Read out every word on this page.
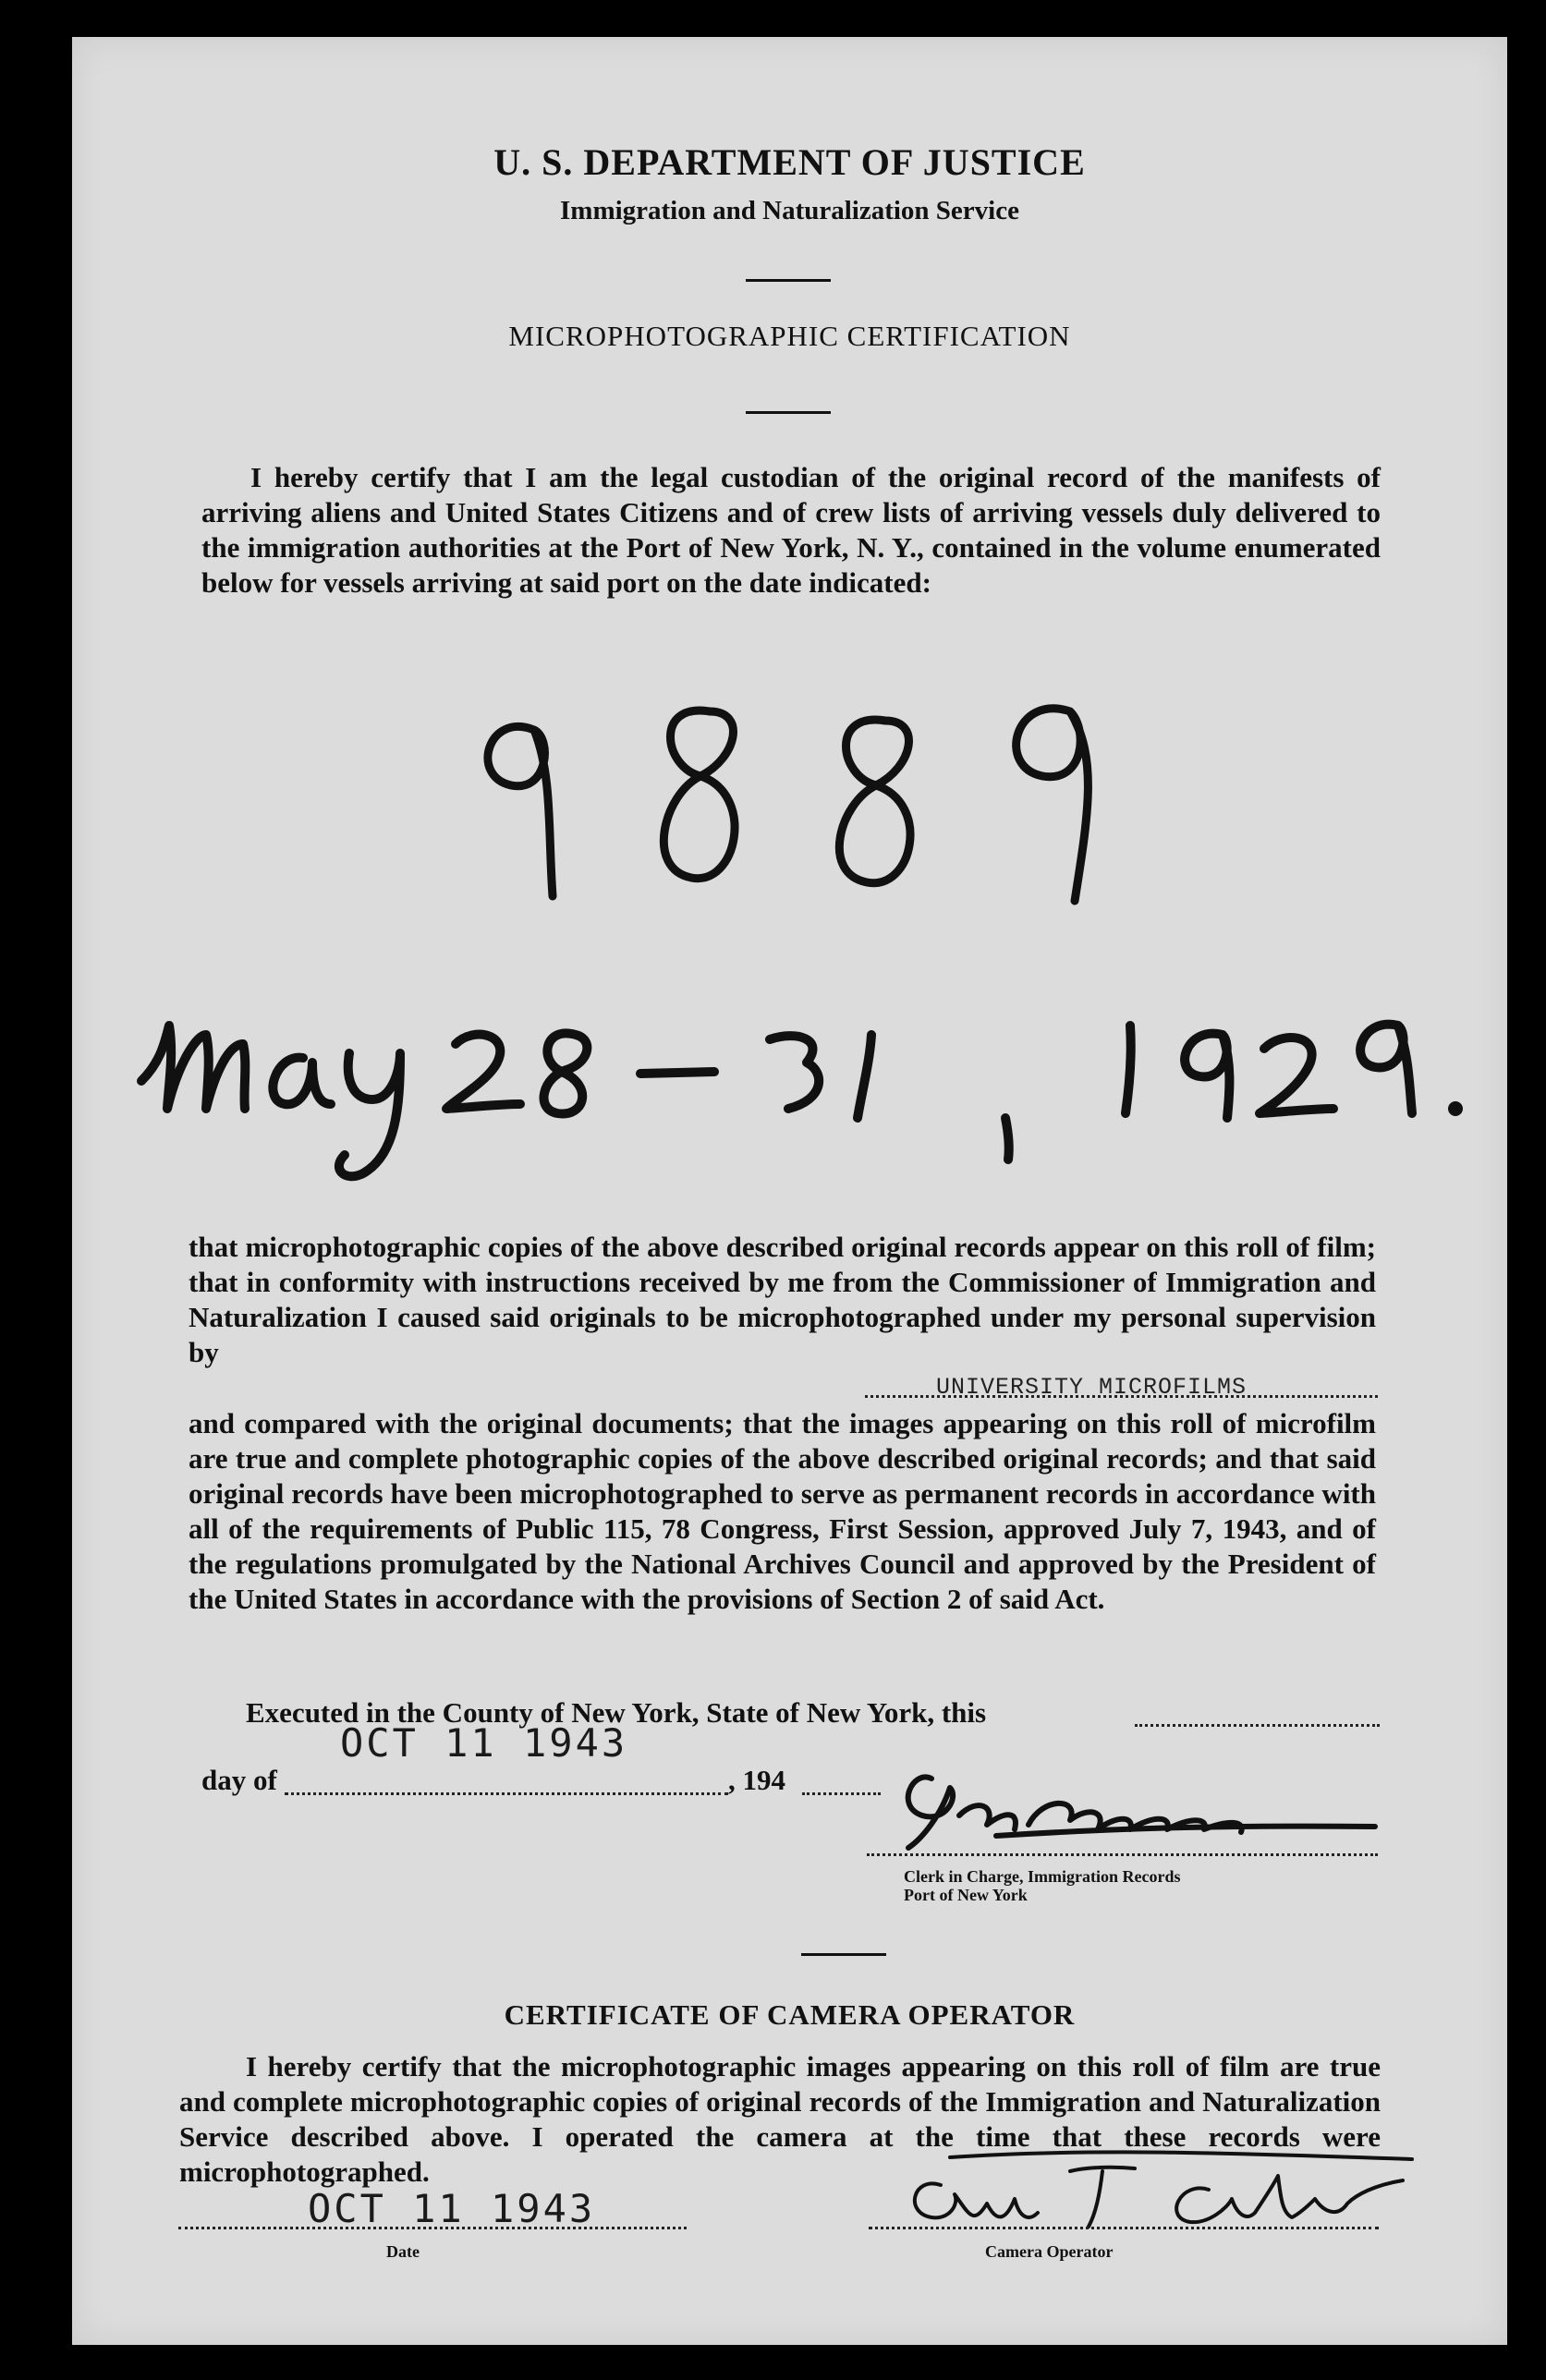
U. S. DEPARTMENT OF JUSTICE
Immigration and Naturalization Service
MICROPHOTOGRAPHIC CERTIFICATION
I hereby certify that I am the legal custodian of the original record of the manifests of arriving aliens and United States Citizens and of crew lists of arriving vessels duly delivered to the immigration authorities at the Port of New York, N. Y., contained in the volume enumerated below for vessels arriving at said port on the date indicated:
that microphotographic copies of the above described original records appear on this roll of film; that in conformity with instructions received by me from the Commissioner of Immigration and Naturalization I caused said originals to be microphotographed under my personal supervision by
UNIVERSITY MICROFILMS
and compared with the original documents; that the images appearing on this roll of microfilm are true and complete photographic copies of the above described original records; and that said original records have been microphotographed to serve as permanent records in accordance with all of the requirements of Public 115, 78 Congress, First Session, approved July 7, 1943, and of the regulations promulgated by the National Archives Council and approved by the President of the United States in accordance with the provisions of Section 2 of said Act.
Executed in the County of New York, State of New York, this
OCT 11 1943
day of	, 194
Clerk in Charge, Immigration Records
Port of New York
CERTIFICATE OF CAMERA OPERATOR
I hereby certify that the microphotographic images appearing on this roll of film are true and complete microphotographic copies of original records of the Immigration and Naturalization Service described above. I operated the camera at the time that these records were microphotographed.
OCT 11 1943
Date	Camera Operator
